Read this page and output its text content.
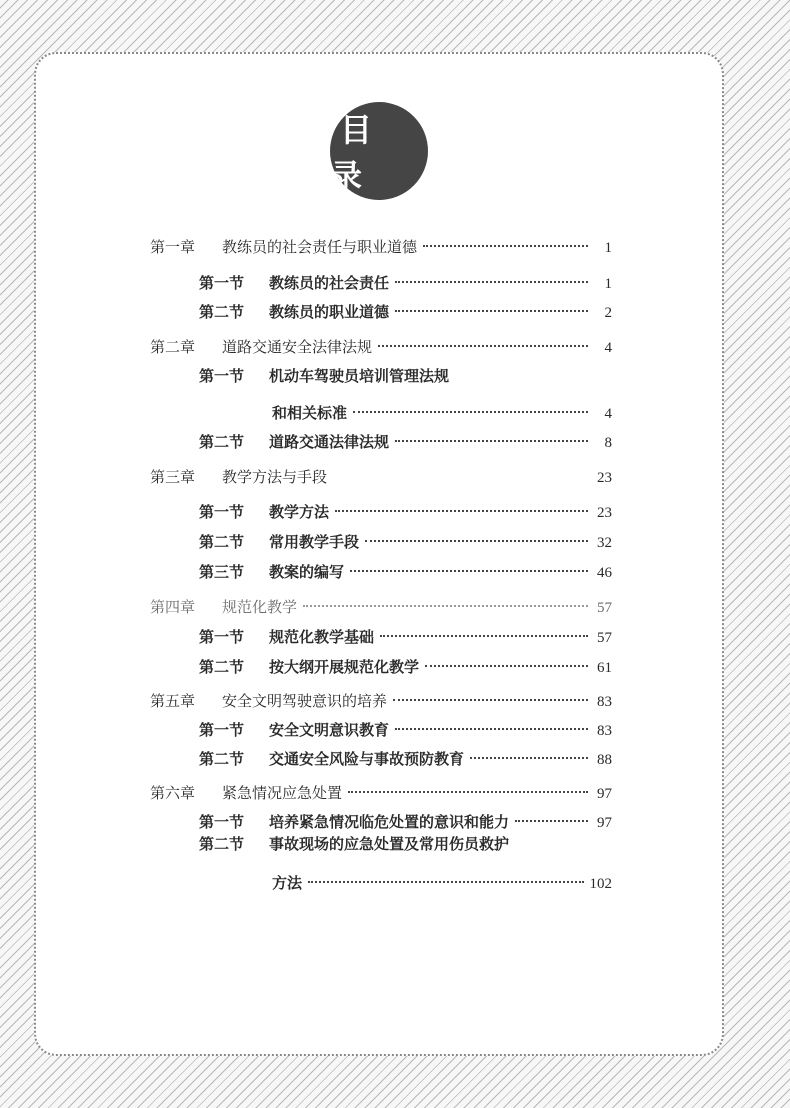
目 录
第一章	教练员的社会责任与职业道德	1
第一节	教练员的社会责任	1
第二节	教练员的职业道德	2
第二章	道路交通安全法律法规	4
第一节	机动车驾驶员培训管理法规
和相关标准	4
第二节	道路交通法律法规	8
第三章	教学方法与手段	23
第一节	教学方法	23
第二节	常用教学手段	32
第三节	教案的编写	46
第四章	规范化教学	57
第一节	规范化教学基础	57
第二节	按大纲开展规范化教学	61
第五章	安全文明驾驶意识的培养	83
第一节	安全文明意识教育	83
第二节	交通安全风险与事故预防教育	88
第六章	紧急情况应急处置	97
第一节	培养紧急情况临危处置的意识和能力	97
第二节	事故现场的应急处置及常用伤员救护
方法	102
